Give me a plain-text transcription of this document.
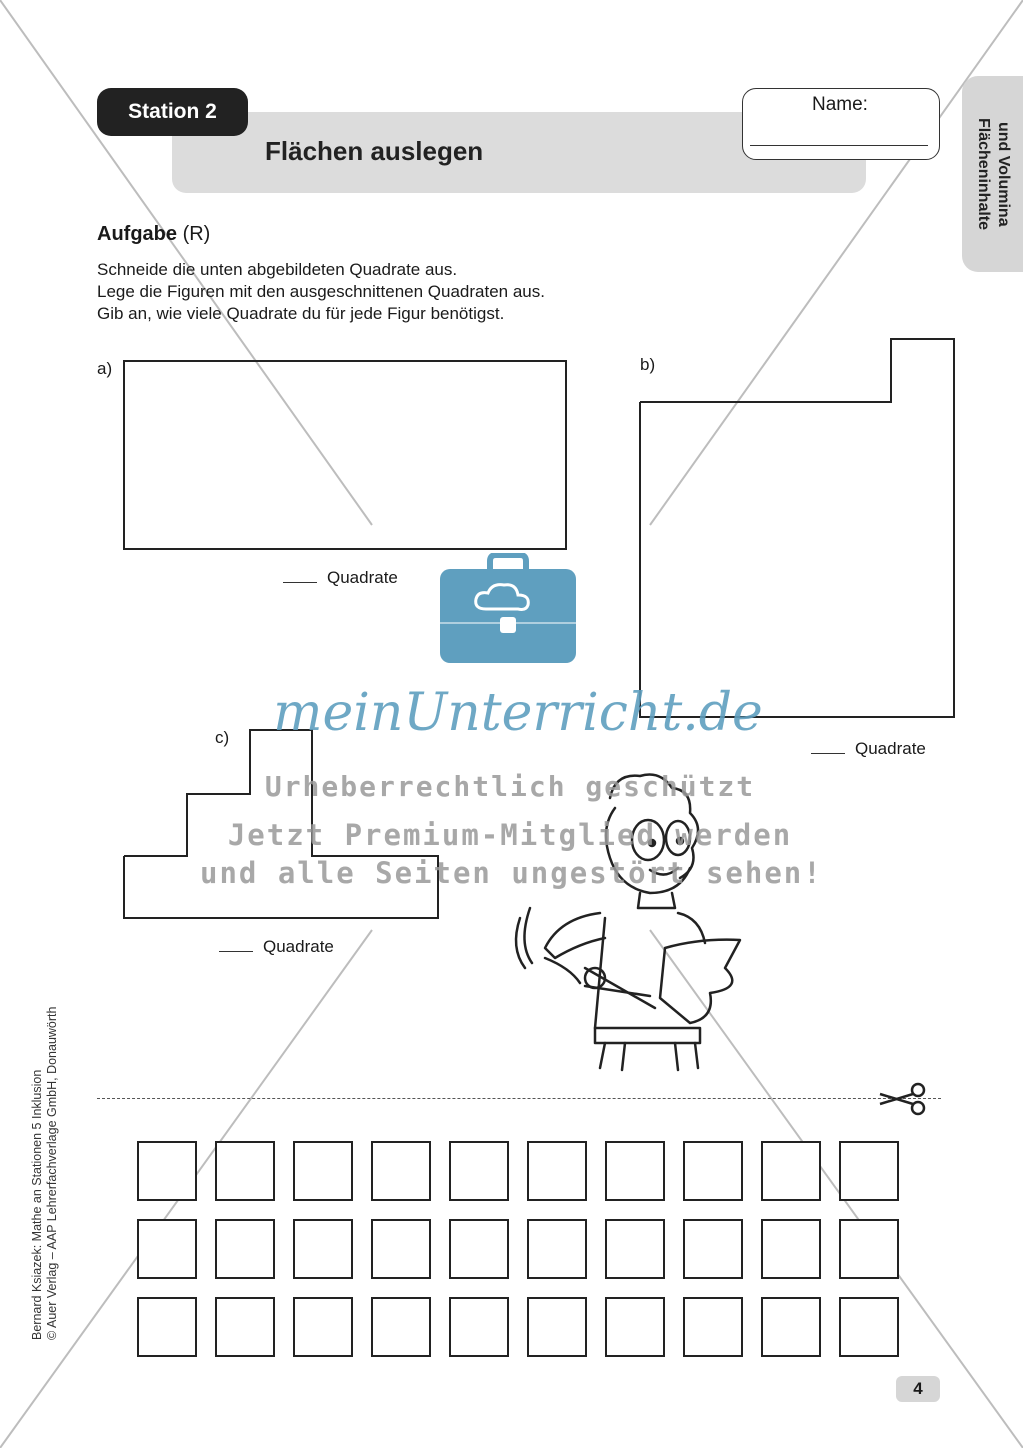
Station 2
Flächen auslegen
Name:
Flächeninhalte und Volumina
Aufgabe (R)
Schneide die unten abgebildeten Quadrate aus.
Lege die Figuren mit den ausgeschnittenen Quadraten aus.
Gib an, wie viele Quadrate du für jede Figur benötigst.
a)
Quadrate
b)
Quadrate
c)
Quadrate
meinUnterricht.de
Urheberrechtlich geschützt
Jetzt Premium-Mitglied werden
und alle Seiten ungestört sehen!
Bernard Ksiazek: Mathe an Stationen 5 Inklusion © Auer Verlag – AAP Lehrerfachverlage GmbH, Donauwörth
4
